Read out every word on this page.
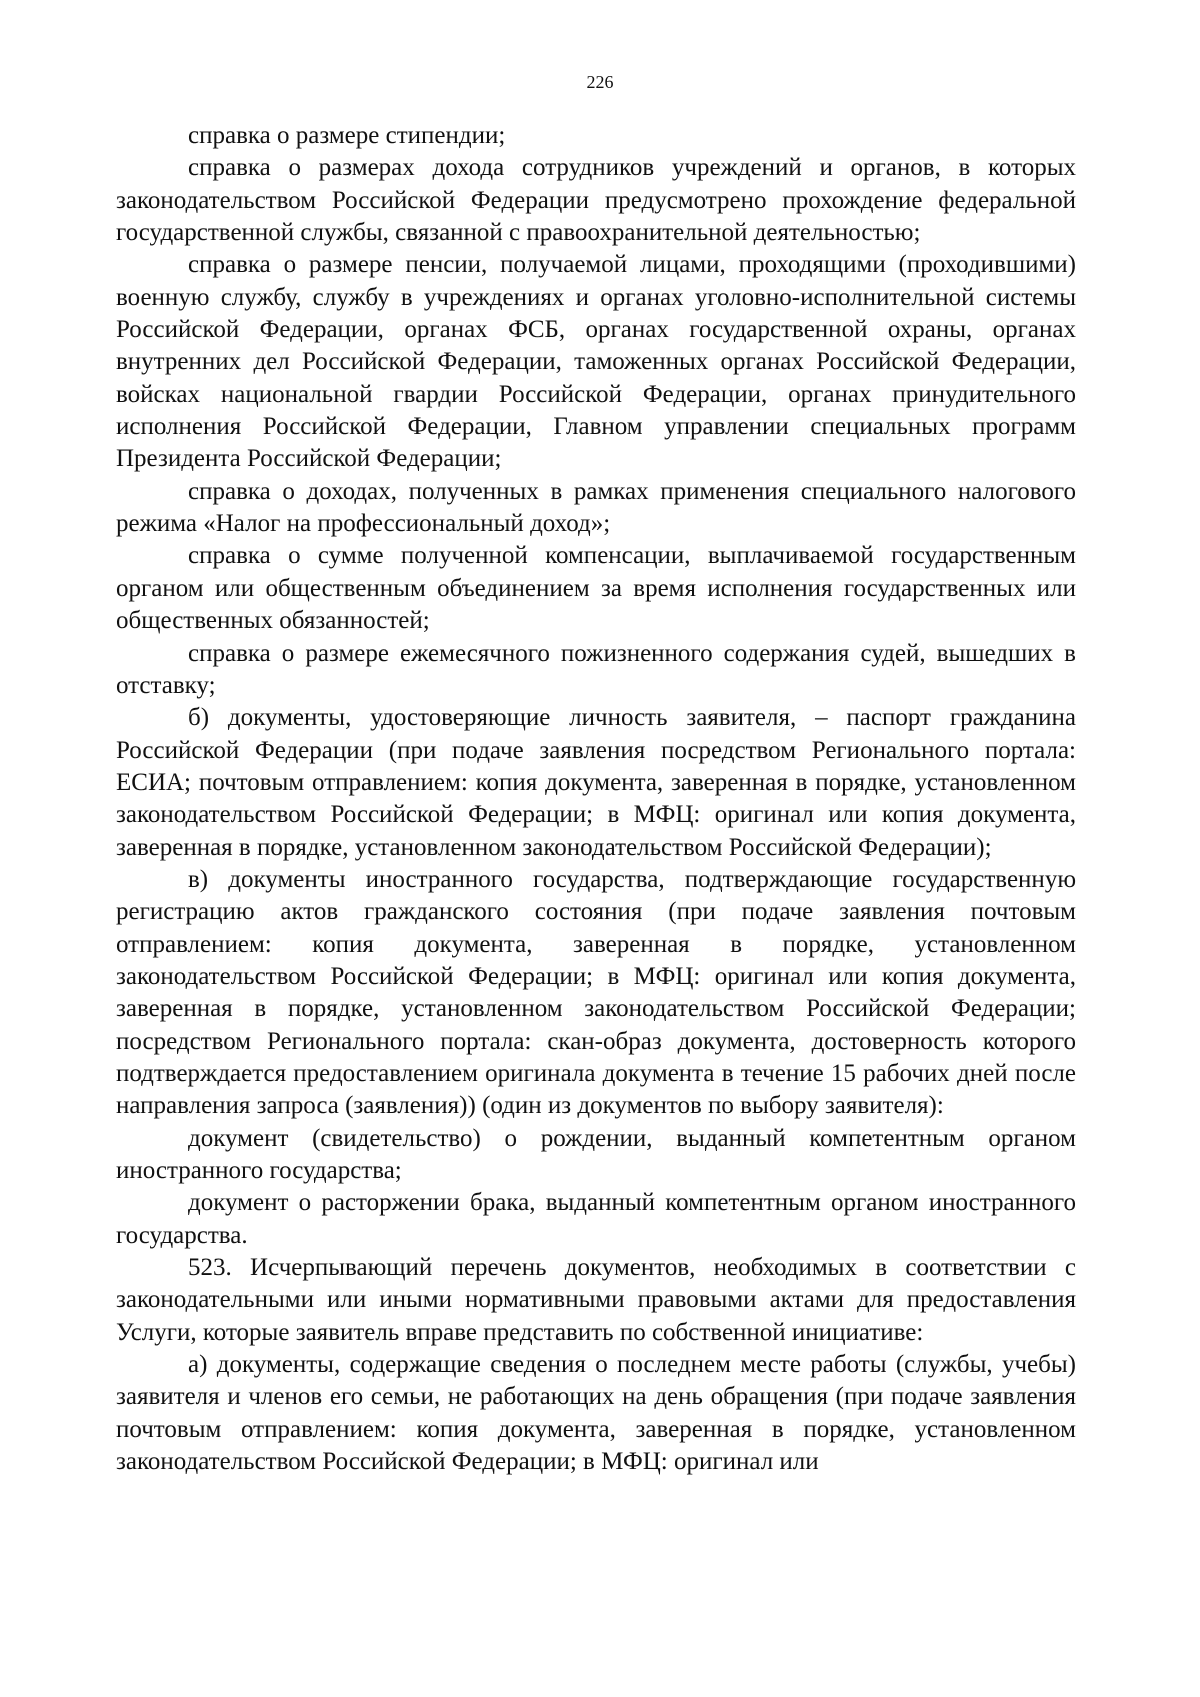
226

справка о размере стипендии;

справка о размерах дохода сотрудников учреждений и органов, в которых законодательством Российской Федерации предусмотрено прохождение федеральной государственной службы, связанной с правоохранительной деятельностью;

справка о размере пенсии, получаемой лицами, проходящими (проходившими) военную службу, службу в учреждениях и органах уголовно-исполнительной системы Российской Федерации, органах ФСБ, органах государственной охраны, органах внутренних дел Российской Федерации, таможенных органах Российской Федерации, войсках национальной гвардии Российской Федерации, органах принудительного исполнения Российской Федерации, Главном управлении специальных программ Президента Российской Федерации;

справка о доходах, полученных в рамках применения специального налогового режима «Налог на профессиональный доход»;

справка о сумме полученной компенсации, выплачиваемой государственным органом или общественным объединением за время исполнения государственных или общественных обязанностей;

справка о размере ежемесячного пожизненного содержания судей, вышедших в отставку;

б) документы, удостоверяющие личность заявителя, – паспорт гражданина Российской Федерации (при подаче заявления посредством Регионального портала: ЕСИА; почтовым отправлением: копия документа, заверенная в порядке, установленном законодательством Российской Федерации; в МФЦ: оригинал или копия документа, заверенная в порядке, установленном законодательством Российской Федерации);

в) документы иностранного государства, подтверждающие государственную регистрацию актов гражданского состояния (при подаче заявления почтовым отправлением: копия документа, заверенная в порядке, установленном законодательством Российской Федерации; в МФЦ: оригинал или копия документа, заверенная в порядке, установленном законодательством Российской Федерации; посредством Регионального портала: скан-образ документа, достоверность которого подтверждается предоставлением оригинала документа в течение 15 рабочих дней после направления запроса (заявления)) (один из документов по выбору заявителя):

документ (свидетельство) о рождении, выданный компетентным органом иностранного государства;

документ о расторжении брака, выданный компетентным органом иностранного государства.

523. Исчерпывающий перечень документов, необходимых в соответствии с законодательными или иными нормативными правовыми актами для предоставления Услуги, которые заявитель вправе представить по собственной инициативе:

а) документы, содержащие сведения о последнем месте работы (службы, учебы) заявителя и членов его семьи, не работающих на день обращения (при подаче заявления почтовым отправлением: копия документа, заверенная в порядке, установленном законодательством Российской Федерации; в МФЦ: оригинал или
